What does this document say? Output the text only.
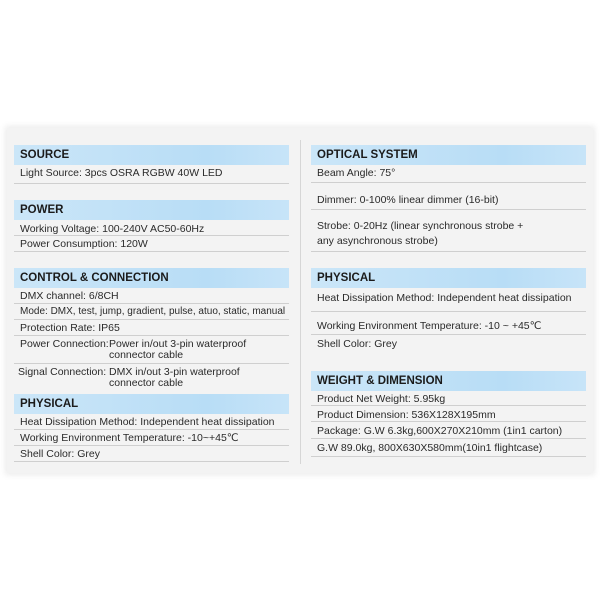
SOURCE
Light Source: 3pcs OSRA RGBW 40W LED
POWER
Working Voltage: 100-240V AC50-60Hz
Power Consumption: 120W
CONTROL & CONNECTION
DMX channel: 6/8CH
Mode: DMX, test, jump, gradient, pulse, atuo, static, manual
Protection Rate: IP65
Power Connection: Power in/out 3-pin waterproof
connector cable
Signal Connection: DMX in/out 3-pin waterproof
connector cable
PHYSICAL
Heat Dissipation Method: Independent heat dissipation
Working Environment Temperature: -10~+45℃
Shell Color: Grey
OPTICAL SYSTEM
Beam Angle: 75°
Dimmer: 0-100% linear dimmer (16-bit)
Strobe: 0-20Hz (linear synchronous strobe +
any asynchronous strobe)
PHYSICAL
Heat Dissipation Method: Independent heat dissipation
Working Environment Temperature: -10 ~ +45℃
Shell Color: Grey
WEIGHT & DIMENSION
Product Net Weight: 5.95kg
Product Dimension: 536X128X195mm
Package: G.W 6.3kg,600X270X210mm (1in1 carton)
G.W 89.0kg, 800X630X580mm(10in1 flightcase)
